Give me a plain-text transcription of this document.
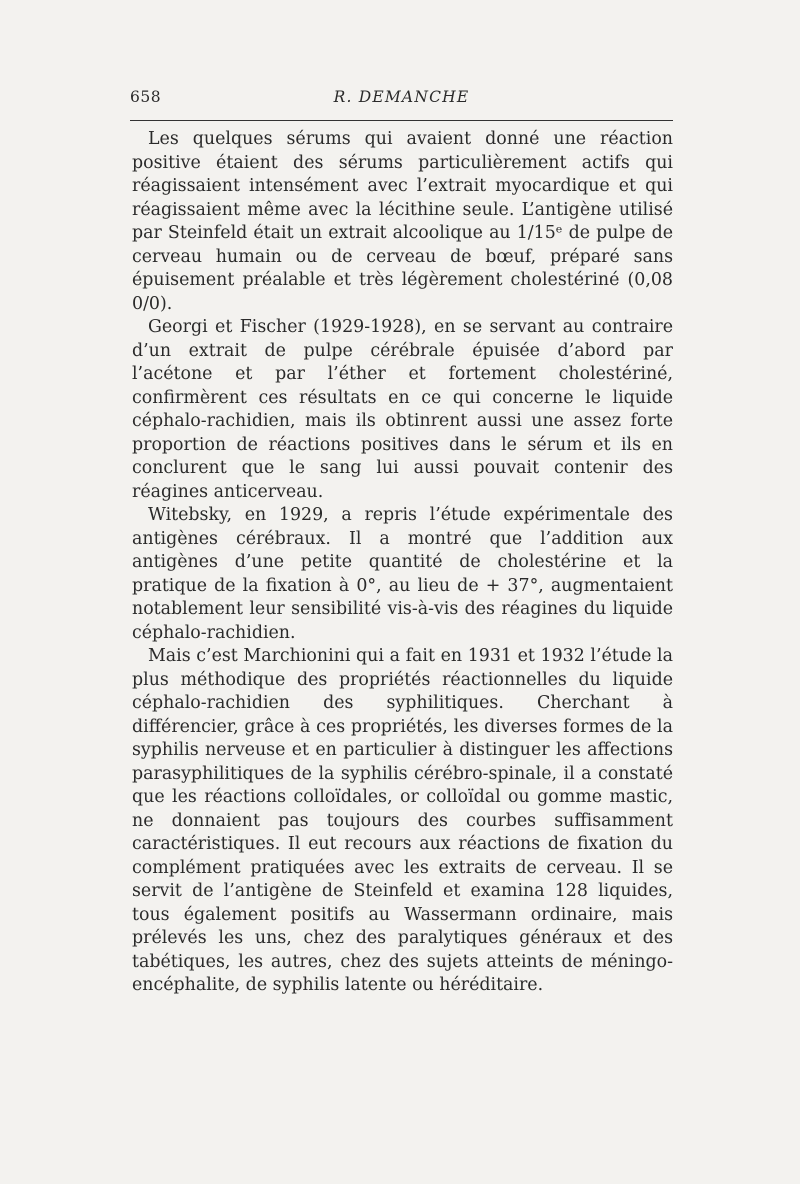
658	R. DEMANCHE

Les quelques sérums qui avaient donné une réaction positive étaient des sérums particulièrement actifs qui réagissaient intensément avec l’extrait myocardique et qui réagissaient même avec la lécithine seule. L’antigène utilisé par Steinfeld était un extrait alcoolique au 1/15ᵉ de pulpe de cerveau humain ou de cerveau de bœuf, préparé sans épuisement préalable et très légèrement cholestériné (0,08 0/0).

Georgi et Fischer (1929-1928), en se servant au contraire d’un extrait de pulpe cérébrale épuisée d’abord par l’acétone et par l’éther et fortement cholestériné, confirmèrent ces résultats en ce qui concerne le liquide céphalo-rachidien, mais ils obtinrent aussi une assez forte proportion de réactions positives dans le sérum et ils en conclurent que le sang lui aussi pouvait contenir des réagines anticerveau.

Witebsky, en 1929, a repris l’étude expérimentale des antigènes cérébraux. Il a montré que l’addition aux antigènes d’une petite quantité de cholestérine et la pratique de la fixation à 0°, au lieu de + 37°, augmentaient notablement leur sensibilité vis-à-vis des réagines du liquide céphalo-rachidien.

Mais c’est Marchionini qui a fait en 1931 et 1932 l’étude la plus méthodique des propriétés réactionnelles du liquide céphalo-rachidien des syphilitiques. Cherchant à différencier, grâce à ces propriétés, les diverses formes de la syphilis nerveuse et en particulier à distinguer les affections parasyphilitiques de la syphilis cérébro-spinale, il a constaté que les réactions colloïdales, or colloïdal ou gomme mastic, ne donnaient pas toujours des courbes suffisamment caractéristiques. Il eut recours aux réactions de fixation du complément pratiquées avec les extraits de cerveau. Il se servit de l’antigène de Steinfeld et examina 128 liquides, tous également positifs au Wassermann ordinaire, mais prélevés les uns, chez des paralytiques généraux et des tabétiques, les autres, chez des sujets atteints de méningo-encéphalite, de syphilis latente ou héréditaire.
